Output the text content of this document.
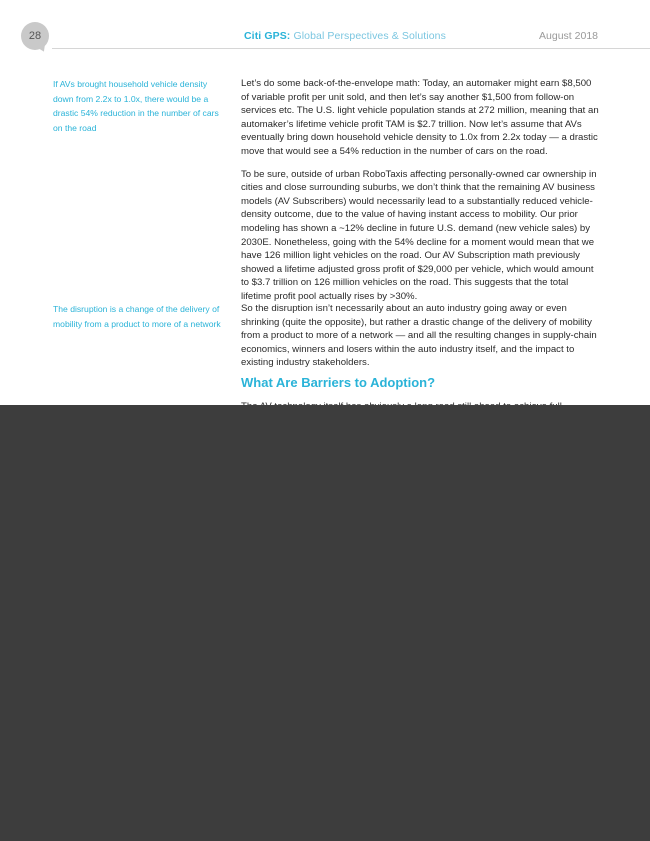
28	Citi GPS: Global Perspectives & Solutions	August 2018
If AVs brought household vehicle density down from 2.2x to 1.0x, there would be a drastic 54% reduction in the number of cars on the road
The disruption is a change of the delivery of mobility from a product to more of a network

Let’s do some back-of-the-envelope math: Today, an automaker might earn $8,500 of variable profit per unit sold, and then let’s say another $1,500 from follow-on services etc. The U.S. light vehicle population stands at 272 million, meaning that an automaker’s lifetime vehicle profit TAM is $2.7 trillion. Now let’s assume that AVs eventually bring down household vehicle density to 1.0x from 2.2x today — a drastic move that would see a 54% reduction in the number of cars on the road.

To be sure, outside of urban RoboTaxis affecting personally-owned car ownership in cities and close surrounding suburbs, we don’t think that the remaining AV business models (AV Subscribers) would necessarily lead to a substantially reduced vehicle-density outcome, due to the value of having instant access to mobility. Our prior modeling has shown a ~12% decline in future U.S. demand (new vehicle sales) by 2030E. Nonetheless, going with the 54% decline for a moment would mean that we have 126 million light vehicles on the road. Our AV Subscription math previously showed a lifetime adjusted gross profit of $29,000 per vehicle, which would amount to $3.7 trillion on 126 million vehicles on the road. This suggests that the total lifetime profit pool actually rises by >30%.

So the disruption isn’t necessarily about an auto industry going away or even shrinking (quite the opposite), but rather a drastic change of the delivery of mobility from a product to more of a network — and all the resulting changes in supply-chain economics, winners and losers within the auto industry itself, and the impact to existing industry stakeholders.

What Are Barriers to Adoption?
